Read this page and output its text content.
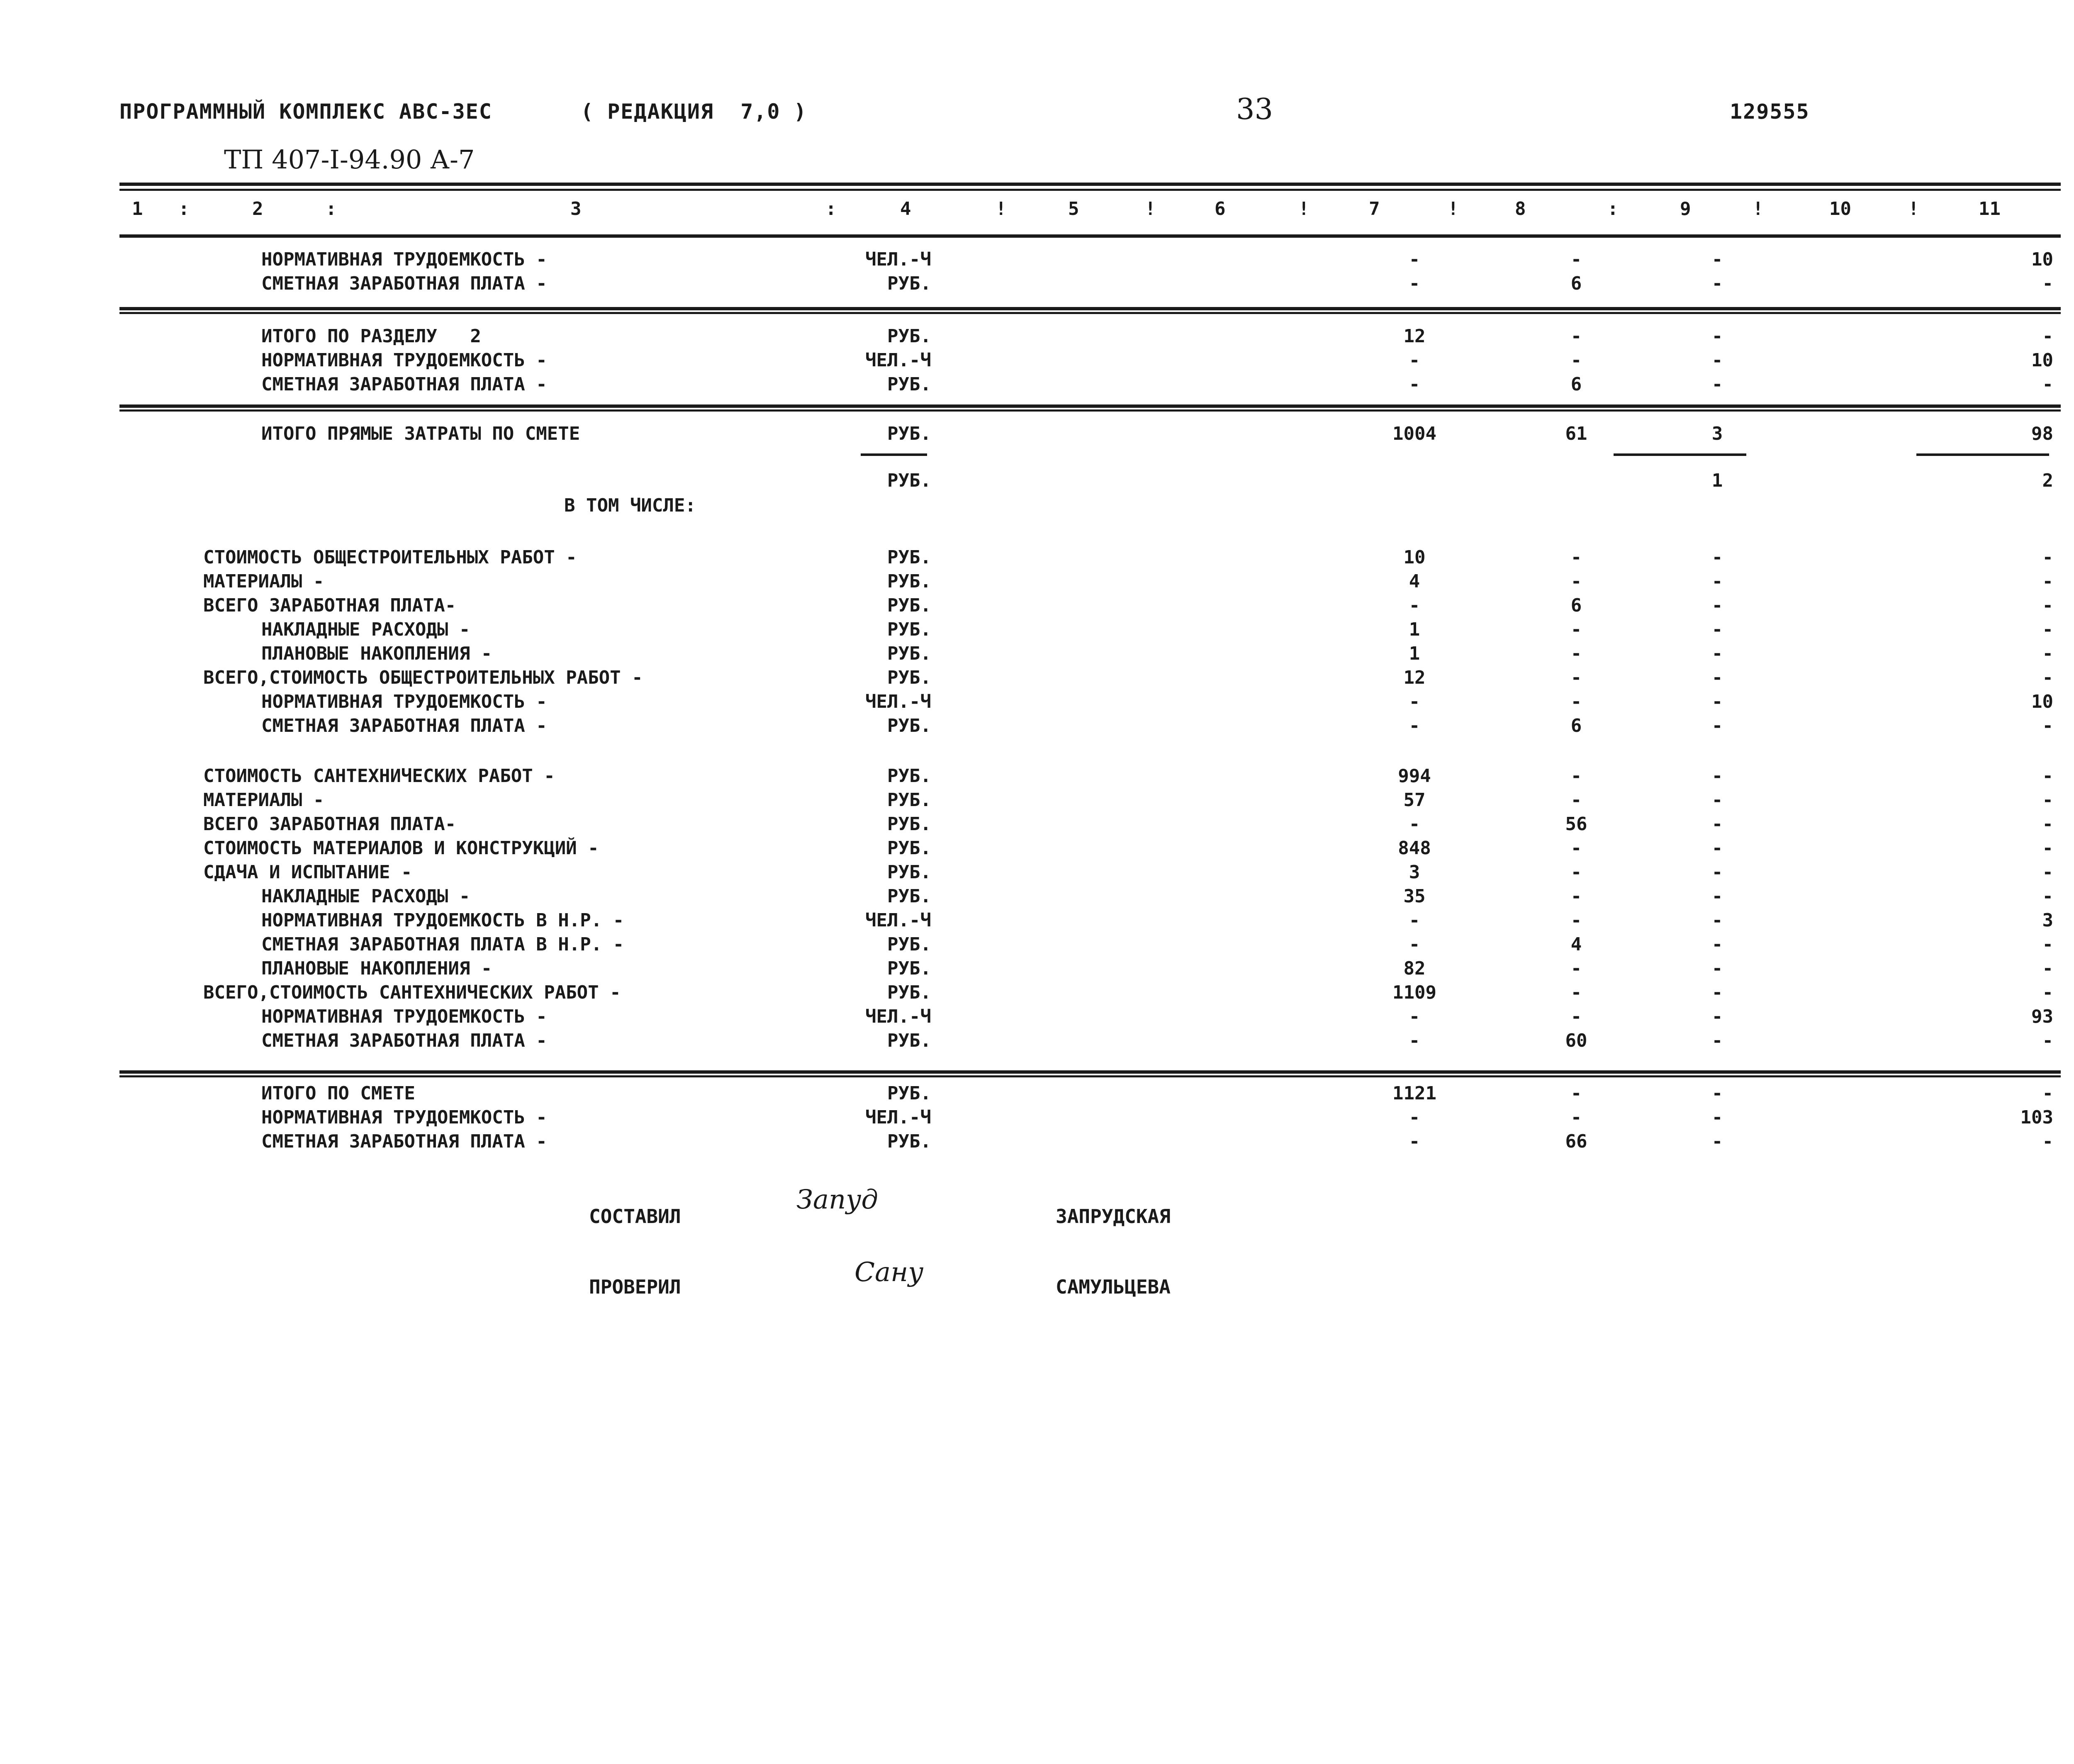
ПРОГРАММНЫЙ КОМПЛЕКС АВС-3ЕС	( РЕДАКЦИЯ  7,0 )	33	129555
ТП 407-I-94.90 А-7
1	2	3	4	5	6	7	8	9	10	11
:	:	:	!	!	!	!	:	!	!
НОРМАТИВНАЯ ТРУДОЕМКОСТЬ -	ЧЕЛ.-Ч	-	-	-	10
СМЕТНАЯ ЗАРАБОТНАЯ ПЛАТА -	РУБ.	-	6	-	-
ИТОГО ПО РАЗДЕЛУ   2	РУБ.	12	-	-	-
НОРМАТИВНАЯ ТРУДОЕМКОСТЬ -	ЧЕЛ.-Ч	-	-	-	10
СМЕТНАЯ ЗАРАБОТНАЯ ПЛАТА -	РУБ.	-	6	-	-
ИТОГО ПРЯМЫЕ ЗАТРАТЫ ПО СМЕТЕ	РУБ.	1004	61	3	98
РУБ.	1	2
В ТОМ ЧИСЛЕ:
СТОИМОСТЬ ОБЩЕСТРОИТЕЛЬНЫХ РАБОТ -	РУБ.	10	-	-	-
МАТЕРИАЛЫ -	РУБ.	4	-	-	-
ВСЕГО ЗАРАБОТНАЯ ПЛАТА-	РУБ.	-	6	-	-
НАКЛАДНЫЕ РАСХОДЫ -	РУБ.	1	-	-	-
ПЛАНОВЫЕ НАКОПЛЕНИЯ -	РУБ.	1	-	-	-
ВСЕГО,СТОИМОСТЬ ОБЩЕСТРОИТЕЛЬНЫХ РАБОТ -	РУБ.	12	-	-	-
НОРМАТИВНАЯ ТРУДОЕМКОСТЬ -	ЧЕЛ.-Ч	-	-	-	10
СМЕТНАЯ ЗАРАБОТНАЯ ПЛАТА -	РУБ.	-	6	-	-
СТОИМОСТЬ САНТЕХНИЧЕСКИХ РАБОТ -	РУБ.	994	-	-	-
МАТЕРИАЛЫ -	РУБ.	57	-	-	-
ВСЕГО ЗАРАБОТНАЯ ПЛАТА-	РУБ.	-	56	-	-
СТОИМОСТЬ МАТЕРИАЛОВ И КОНСТРУКЦИЙ -	РУБ.	848	-	-	-
СДАЧА И ИСПЫТАНИЕ -	РУБ.	3	-	-	-
НАКЛАДНЫЕ РАСХОДЫ -	РУБ.	35	-	-	-
НОРМАТИВНАЯ ТРУДОЕМКОСТЬ В Н.Р. -	ЧЕЛ.-Ч	-	-	-	3
СМЕТНАЯ ЗАРАБОТНАЯ ПЛАТА В Н.Р. -	РУБ.	-	4	-	-
ПЛАНОВЫЕ НАКОПЛЕНИЯ -	РУБ.	82	-	-	-
ВСЕГО,СТОИМОСТЬ САНТЕХНИЧЕСКИХ РАБОТ -	РУБ.	1109	-	-	-
НОРМАТИВНАЯ ТРУДОЕМКОСТЬ -	ЧЕЛ.-Ч	-	-	-	93
СМЕТНАЯ ЗАРАБОТНАЯ ПЛАТА -	РУБ.	-	60	-	-
ИТОГО ПО СМЕТЕ	РУБ.	1121	-	-	-
НОРМАТИВНАЯ ТРУДОЕМКОСТЬ -	ЧЕЛ.-Ч	-	-	-	103
СМЕТНАЯ ЗАРАБОТНАЯ ПЛАТА -	РУБ.	-	66	-	-
СОСТАВИЛ
Запуд
ЗАПРУДСКАЯ
ПРОВЕРИЛ	Сану	САМУЛЬЦЕВА
